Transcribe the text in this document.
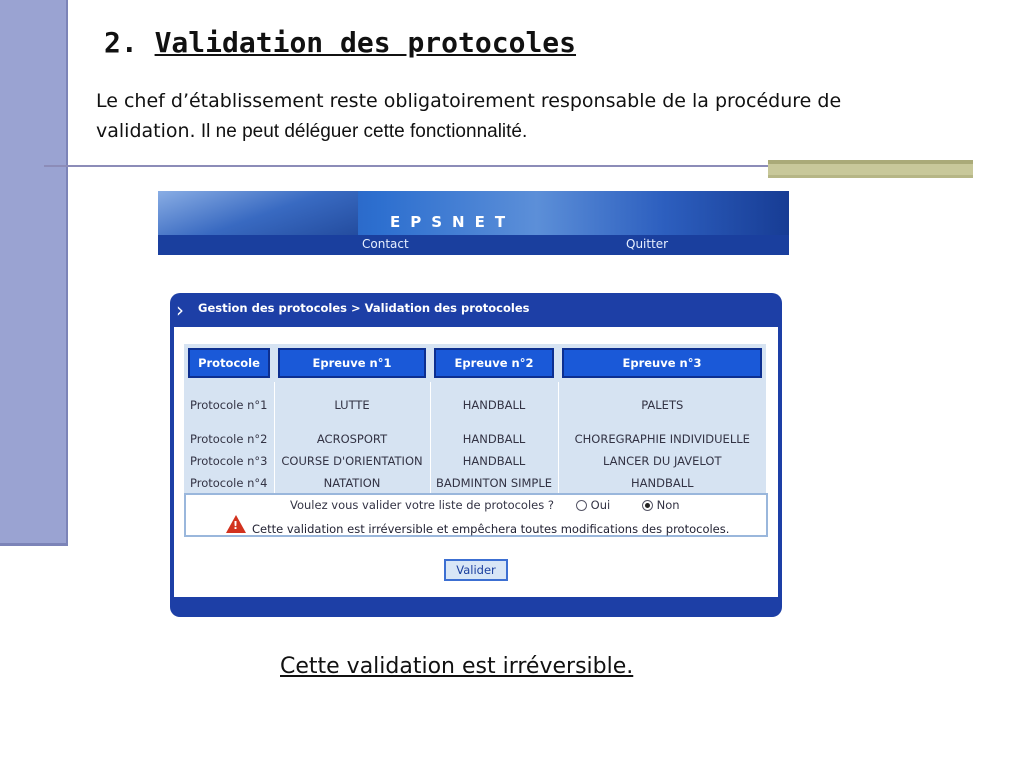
2. Validation des protocoles

Le chef d’établissement reste obligatoirement responsable de la procédure de validation. Il ne peut déléguer cette fonctionnalité.

EPSNET
Contact	Quitter
› Gestion des protocoles > Validation des protocoles
Protocole	Epreuve n°1	Epreuve n°2	Epreuve n°3

Protocole n°1	LUTTE	HANDBALL	PALETS
Protocole n°2	ACROSPORT	HANDBALL	CHOREGRAPHIE INDIVIDUELLE
Protocole n°3	COURSE D'ORIENTATION	HANDBALL	LANCER DU JAVELOT
Protocole n°4	NATATION	BADMINTON SIMPLE	HANDBALL
Voulez vous valider votre liste de protocoles ?	Oui	Non
! Cette validation est irréversible et empêchera toutes modifications des protocoles.
Valider
Cette validation est irréversible.
